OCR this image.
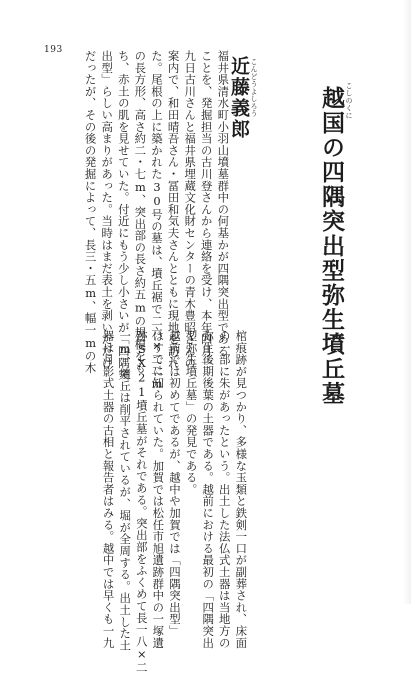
193
こしのくに
越国の四隅突出型弥生墳丘墓
こんどうよしろう
近藤義郎
福井県清水町小羽山墳墓群中の何基かが四隅突出型である
ことを、発掘担当の古川登さんから連絡を受け、本年四月一
九日古川さんと福井県埋蔵文化財センターの青木豊昭さんの
案内で、和田晴吾さん・冨田和気夫さんとともに現地を訪れ
た。尾根の上に築かれた30号の墓は、墳丘裾で二六×二二m
の長方形、高さ約二・七m、突出部の長さ約五mの規模をも
ち、赤土の肌を見せていた。付近にもう少し小さいが「四隅突
出型」らしい高まりがあった。当時はまだ表土を剥いだだけ
だったが、その後の発掘によって、長三・五m、幅一mの木
棺痕跡が見つかり、多様な玉類と鉄剣一口が副葬され、床面
の一部に朱があったという。出土した法仏式土器は当地方の
弥生後期後葉の土器である。越前における最初の「四隅突出
型弥生墳丘墓」の発見である。
越前では初めてであるが、越中や加賀では「四隅突出型」
はすでに知られていた。加賀では松任市旭遺跡群中の一塚遺
跡SX21墳丘墓がそれである。突出部をふくめて長一八×二
一m、墳丘は削平されているが、堀が全周する。出土した土
器は月影式土器の古相と報告者はみる。越中では早くも一九
